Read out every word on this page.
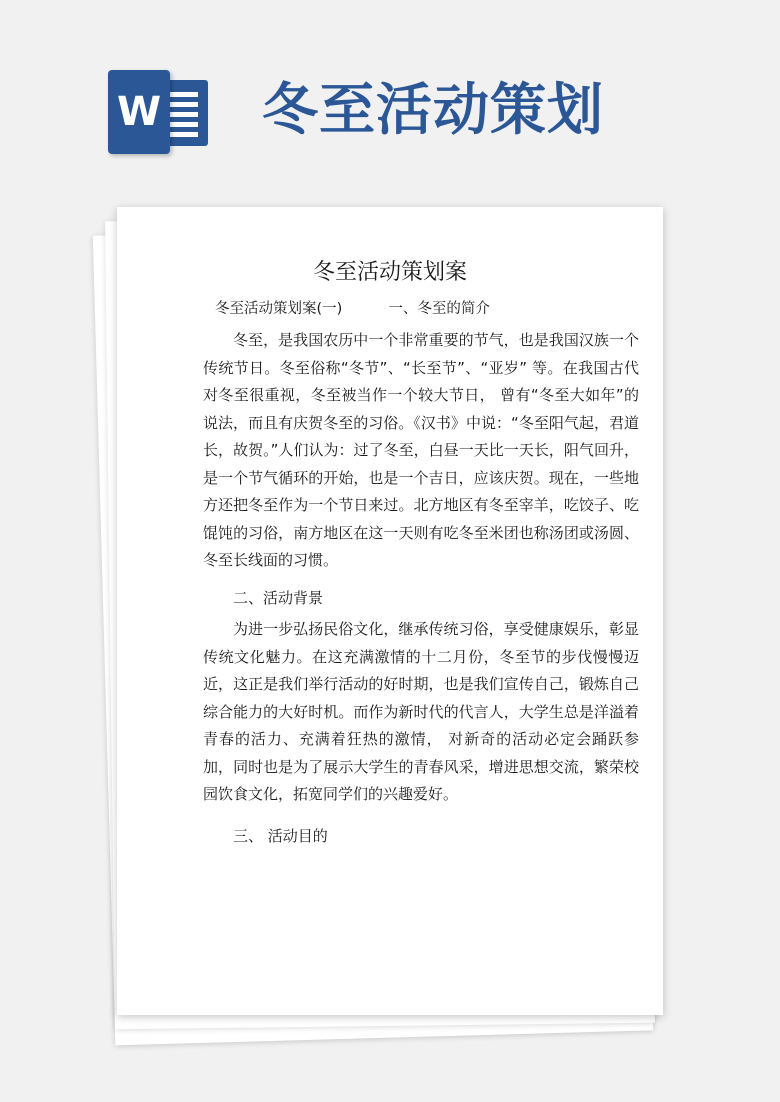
W 冬至活动策划
冬至活动策划案
冬至活动策划案(一)	一、冬至的简介

冬至，是我国农历中一个非常重要的节气，也是我国汉族一个传统节日。冬至俗称“冬节”、“长至节”、“亚岁” 等。在我国古代对冬至很重视，冬至被当作一个较大节日， 曾有“冬至大如年”的说法，而且有庆贺冬至的习俗。《汉书》中说：“冬至阳气起，君道长，故贺。”人们认为：过了冬至，白昼一天比一天长，阳气回升，是一个节气循环的开始，也是一个吉日，应该庆贺。现在，一些地方还把冬至作为一个节日来过。北方地区有冬至宰羊，吃饺子、吃馄饨的习俗，南方地区在这一天则有吃冬至米团也称汤团或汤圆、冬至长线面的习惯。

二、活动背景

为进一步弘扬民俗文化，继承传统习俗，享受健康娱乐，彰显传统文化魅力。在这充满激情的十二月份，冬至节的步伐慢慢迈近，这正是我们举行活动的好时期，也是我们宣传自己，锻炼自己综合能力的大好时机。而作为新时代的代言人，大学生总是洋溢着青春的活力、充满着狂热的激情， 对新奇的活动必定会踊跃参加，同时也是为了展示大学生的青春风采，增进思想交流，繁荣校园饮食文化，拓宽同学们的兴趣爱好。

三、 活动目的
